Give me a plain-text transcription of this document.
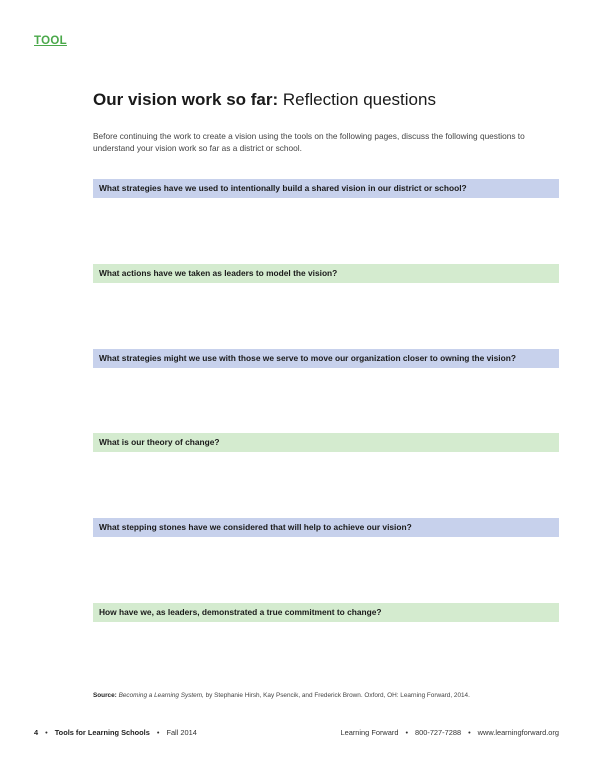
TOOL
Our vision work so far: Reflection questions
Before continuing the work to create a vision using the tools on the following pages, discuss the following questions to understand your vision work so far as a district or school.
What strategies have we used to intentionally build a shared vision in our district or school?
What actions have we taken as leaders to model the vision?
What strategies might we use with those we serve to move our organization closer to owning the vision?
What is our theory of change?
What stepping stones have we considered that will help to achieve our vision?
How have we, as leaders, demonstrated a true commitment to change?
Source: Becoming a Learning System, by Stephanie Hirsh, Kay Psencik, and Frederick Brown. Oxford, OH: Learning Forward, 2014.
4 • Tools for Learning Schools • Fall 2014	Learning Forward • 800-727-7288 • www.learningforward.org
